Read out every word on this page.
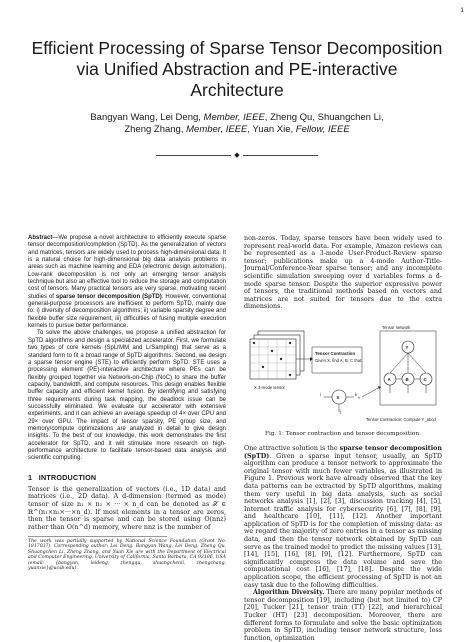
1
Efficient Processing of Sparse Tensor Decomposition via Unified Abstraction and PE-interactive Architecture
Bangyan Wang, Lei Deng, Member, IEEE, Zheng Qu, Shuangchen Li,
Zheng Zhang, Member, IEEE, Yuan Xie, Fellow, IEEE
◆

Abstract—We propose a novel architecture to efficiently execute sparse tensor decomposition/completion (SpTD). As the generalization of vectors and matrices, tensors are widely used to process high-dimensional data. It is a natural choice for high-dimensional big data analysis problems in areas such as machine learning and EDA (electronic design automation). Low-rank decomposition is not only an emerging tensor analysis technique but also an effective tool to reduce the storage and computation cost of tensors. Many practical tensors are very sparse, motivating recent studies of sparse tensor decomposition (SpTD). However, conventional general-purpose processors are inefficient to perform SpTD, mainly due to: i) diversity of decomposition algorithms; ii) variable sparsity degree and flexible buffer size requirement; iii) difficulties of fusing multiple execution kernels to pursue better performance.

To solve the above challenges, we propose a unified abstraction for SpTD algorithms and design a specialized accelerator. First, we formulate two types of core kernels (SpLrMM and LrSampling) that serve as a standard form to fit a broad range of SpTD algorithms. Second, we design a sparse tensor engine (STE) to efficiently perform SpTD. STE uses a processing element (PE)-interactive architecture where PEs can be flexibly grouped together via Network-on-Chip (NoC) to share the buffer capacity, bandwidth, and compute resources. This design enables flexible buffer capacity and efficient kernel fusion. By identifying and satisfying three requirements during task mapping, the deadlock issue can be successfully eliminated. We evaluate our accelerator with extensive experiments, and it can achieve an average speedup of 4× over CPU and 29× over GPU. The impact of tensor sparsity, PE group size, and memory/compute optimizations are analyzed in detail to give design insights. To the best of our knowledge, this work demonstrates the first accelerator for SpTD, and it will stimulate more research on high-performance architecture to facilitate tensor-based data analysis and scientific computing.

1 INTRODUCTION

Tensor is the generalization of vectors (i.e., 1D data) and matrices (i.e., 2D data). A d-dimension (termed as mode) tensor of size n₁ × n₂ × ··· × n_d can be denoted as 𝒳 ∈ ℝ^(n₁×n₂×···×n_d). If most elements in a tensor are zeros, then the tensor is sparse and can be stored using O(nnz) rather than O(n^d) memory, where nnz is the number of

The work was partially supported by National Science Foundation (Grant No. 1817037). Corresponding author: Lei Deng. Bangyan Wang, Lei Deng, Zheng Qu, Shuangchen Li, Zheng Zhang, and Yuan Xie are with the Department of Electrical and Computer Engineering, University of California, Santa Barbara, CA 93106, USA (email: {bangyan, leideng, zhengqu, shuangchenli, zhengzhang, yuanxie}@ucsb.edu).

non-zeros. Today, sparse tensors have been widely used to represent real-world data. For example, Amazon reviews can be represented as a 3-mode User-Product-Review sparse tensor; publications make up a 4-mode Author-Title-Journal/Conference-Year sparse tensor; and any incomplete scientific simulation sweeping over d variables forms a d-mode sparse tensor. Despite the superior expressive power of tensors, the traditional methods based on vectors and matrices are not suited for tensors due to the extra dimensions.

X 3-mode tensor
Tensor Contraction
Given X, find A, B, C that:
X
i
j
k
≈
Tensor network
Y
A	B	C
Tensor Contraction: Compute Y_abcd
Fig. 1: Tensor contraction and tensor decomposition.

One attractive solution is the sparse tensor decomposition (SpTD). Given a sparse input tensor, usually, an SpTD algorithm can produce a tensor network to approximate the original tensor with much fewer variables, as illustrated in Figure 1. Previous work have already observed that the key data patterns can be extracted by SpTD algorithms, making them very useful in big data analysis, such as social networks analysis [1], [2], [3], discussion tracking [4], [5], Internet traffic analysis for cybersecurity [6], [7], [8], [9], and healthcare [10], [11], [12]. Another important application of SpTD is for the completion of missing data: as we regard the majority of zero entries in a tensor as missing data, and then the tensor network obtained by SpTD can serve as the trained model to predict the missing values [13], [14], [15], [16], [8], [9], [12]. Furthermore, SpTD can significantly compress the data volume and save the computational cost [16], [17], [18]. Despite the wide application scope, the efficient processing of SpTD is not an easy task due to the following difficulties.

Algorithm Diversity. There are many popular methods of tensor decomposition [19], including (but not limited to) CP [20], Tucker [21], tensor train (TT) [22], and hierarchical Tucker (HT) [23] decomposition. Moreover, there are different forms to formulate and solve the basic optimization problem in SpTD, including tensor network structure, loss function, optimization
